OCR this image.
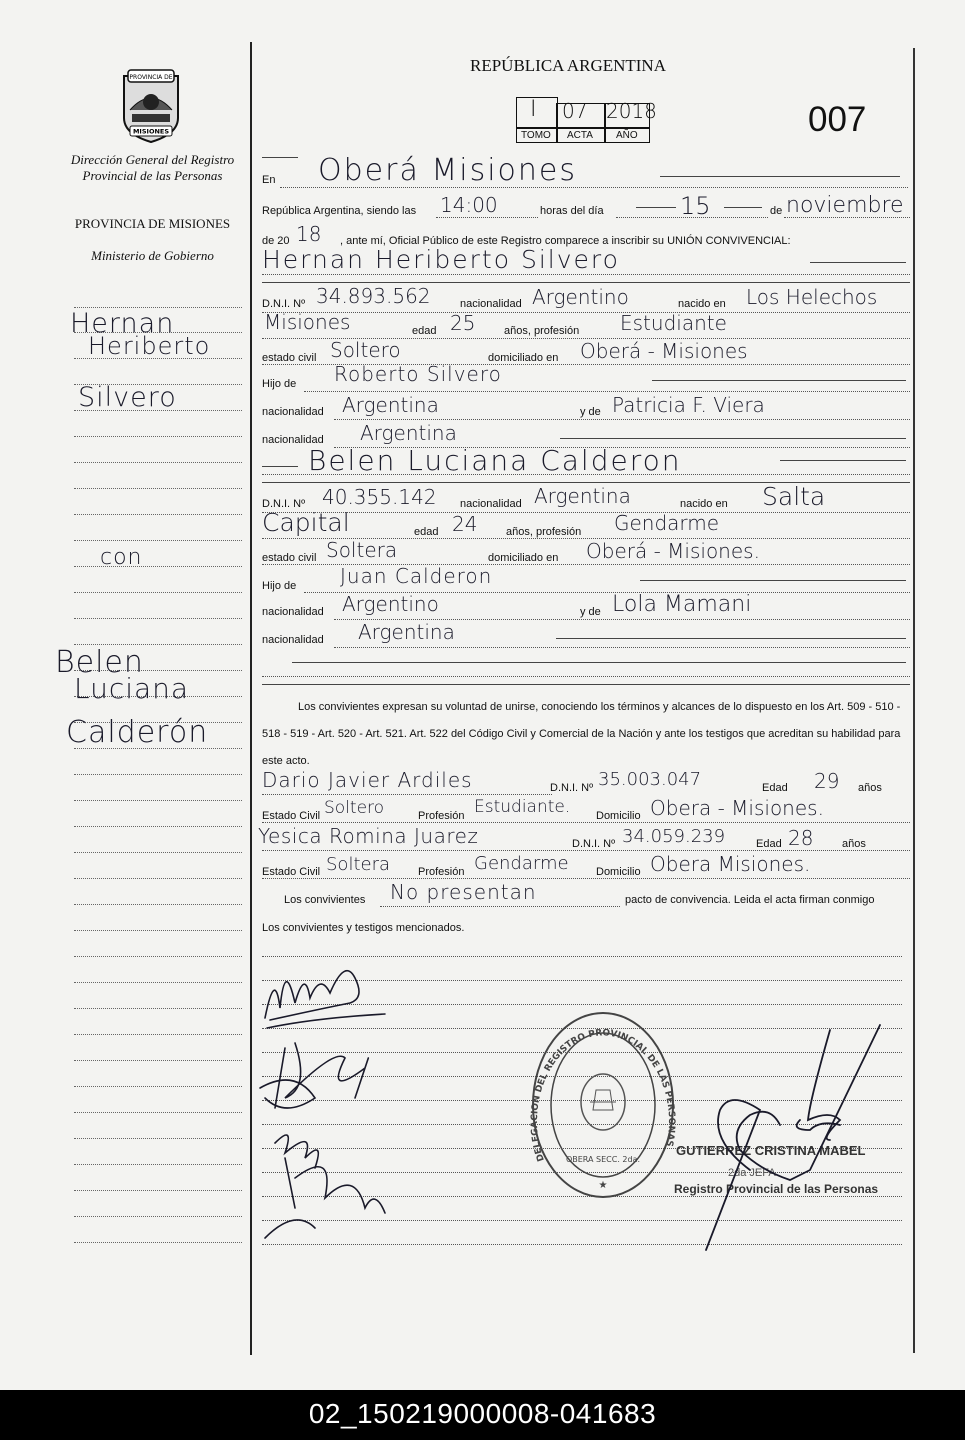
PROVINCIA DE
MISIONES
Dirección General del Registro Provincial de las Personas
PROVINCIA DE MISIONES
Ministerio de Gobierno
Hernan
Heriberto
Silvero
con
Belen
Luciana
Calderón
REPÚBLICA ARGENTINA
I 07 2018
TOMO ACTA AÑO	007
En Oberá Misiones
República Argentina, siendo las 14:00	horas del día	15	de noviembre
de 20 18 , ante mí, Oficial Público de este Registro comparece a inscribir su UNIÓN CONVIVENCIAL:
Hernan Heriberto Silvero
D.N.I. Nº 34.893.562	nacionalidad Argentino	nacido en Los Helechos
Misiones	edad 25	años, profesión Estudiante
estado civil Soltero	domiciliado en Oberá - Misiones
Hijo de Roberto Silvero
nacionalidad Argentina	y de Patricia F. Viera
nacionalidad Argentina
Belen Luciana Calderon
D.N.I. Nº 40.355.142 nacionalidad Argentina	nacido en Salta
Capital	edad 24	años, profesión Gendarme
estado civil Soltera	domiciliado en Oberá - Misiones.
Hijo de Juan Calderon
nacionalidad Argentino	y de Lola Mamani
nacionalidad Argentina
Los convivientes expresan su voluntad de unirse, conociendo los términos y alcances de lo dispuesto en los Art. 509 - 510 - 518 - 519 - Art. 520 - Art. 521. Art. 522 del Código Civil y Comercial de la Nación y ante los testigos que acreditan su habilidad para este acto.
Dario Javier Ardiles	D.N.I. Nº 35.003.047	Edad 29 años
Estado Civil Soltero	Profesión Estudiante. Domicilio Obera - Misiones.
Yesica Romina Juarez	D.N.I. Nº 34.059.239	Edad 28	años
Estado Civil Soltera	Profesión Gendarme Domicilio Obera Misiones.
Los convivientes No presentan	pacto de convivencia. Leida el acta firman conmigo
Los convivientes y testigos mencionados.
DELEGACION DEL REGISTRO PROVINCIAL DE LAS PERSONAS
OBERA SECC. 2da.
★
GUTIERREZ CRISTINA MABEL
2da JEFA
Registro Provincial de las Personas
02_150219000008-041683
